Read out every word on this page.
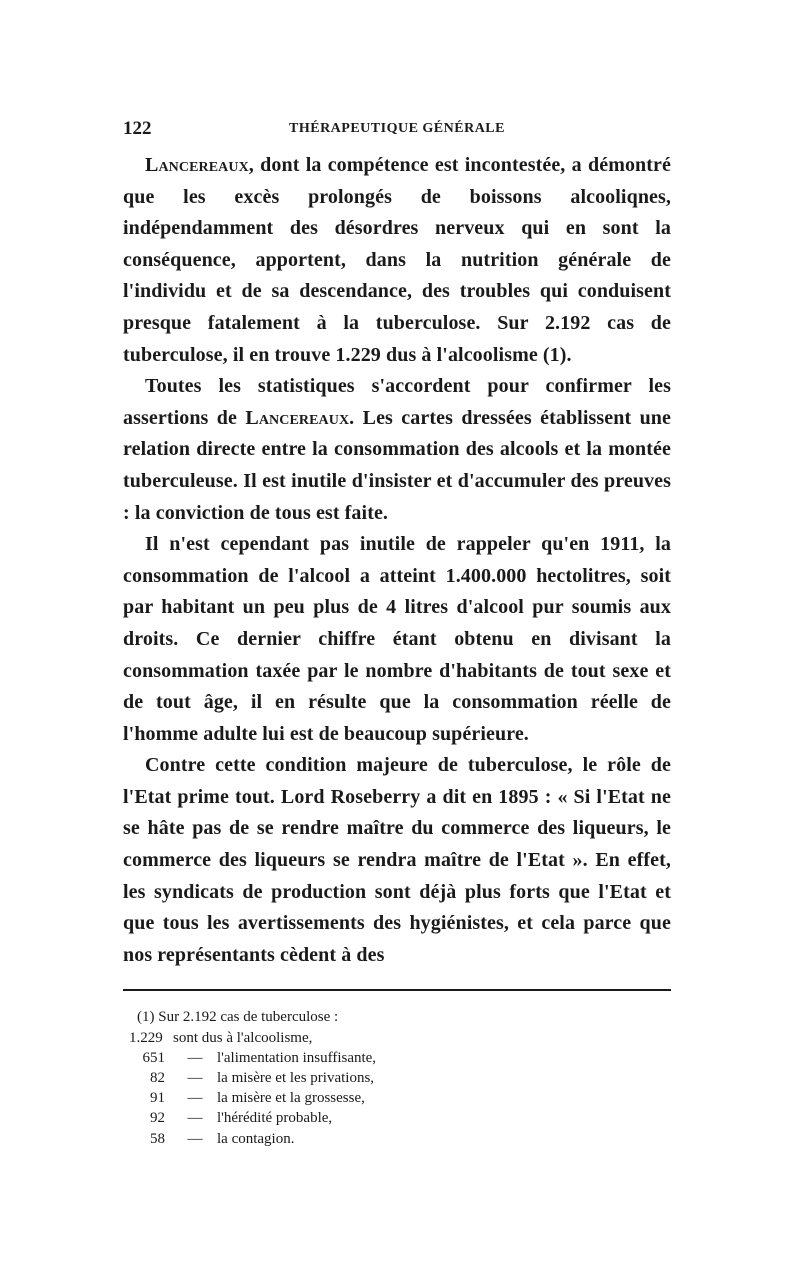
122	THÉRAPEUTIQUE GÉNÉRALE

Lancereaux, dont la compétence est incontestée, a démontré que les excès prolongés de boissons alcooliqnes, indépendamment des désordres nerveux qui en sont la conséquence, apportent, dans la nutrition générale de l'individu et de sa descendance, des troubles qui conduisent presque fatalement à la tuberculose. Sur 2.192 cas de tuberculose, il en trouve 1.229 dus à l'alcoolisme (1).

Toutes les statistiques s'accordent pour confirmer les assertions de Lancereaux. Les cartes dressées établissent une relation directe entre la consommation des alcools et la montée tuberculeuse. Il est inutile d'insister et d'accumuler des preuves : la conviction de tous est faite.

Il n'est cependant pas inutile de rappeler qu'en 1911, la consommation de l'alcool a atteint 1.400.000 hectolitres, soit par habitant un peu plus de 4 litres d'alcool pur soumis aux droits. Ce dernier chiffre étant obtenu en divisant la consommation taxée par le nombre d'habitants de tout sexe et de tout âge, il en résulte que la consommation réelle de l'homme adulte lui est de beaucoup supérieure.

Contre cette condition majeure de tuberculose, le rôle de l'Etat prime tout. Lord Roseberry a dit en 1895 : « Si l'Etat ne se hâte pas de se rendre maître du commerce des liqueurs, le commerce des liqueurs se rendra maître de l'Etat ». En effet, les syndicats de production sont déjà plus forts que l'Etat et que tous les avertissements des hygiénistes, et cela parce que nos représentants cèdent à des

(1) Sur 2.192 cas de tuberculose :
1.229	sont dus à l'alcoolisme,	
651	—	l'alimentation insuffisante,
82	—	la misère et les privations,
91	—	la misère et la grossesse,
92	—	l'hérédité probable,
58	—	la contagion.
